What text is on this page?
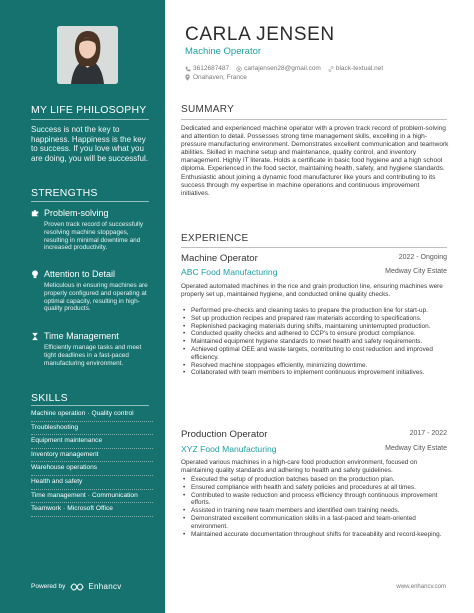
MY LIFE PHILOSOPHY
Success is not the key to happiness. Happiness is the key to success. If you love what you are doing, you will be successful.
STRENGTHS
Problem-solving
Proven track record of successfully resolving machine stoppages, resulting in minimal downtime and increased productivity.
Attention to Detail
Meticulous in ensuring machines are properly configured and operating at optimal capacity, resulting in high-quality products.
Time Management
Efficiently manage tasks and meet tight deadlines in a fast-paced manufacturing environment.
SKILLS
Machine operation · Quality control
Troubleshooting
Equipment maintenance
Inventory management
Warehouse operations
Health and safety
Time management · Communication
Teamwork · Microsoft Office
Powered by	Enhancv
CARLA JENSEN
Machine Operator
3612687487 carlajensen28@gmail.com black-textual.net
Onahaven, France
SUMMARY
Dedicated and experienced machine operator with a proven track record of problem-solving and attention to detail. Possesses strong time management skills, excelling in a high-pressure manufacturing environment. Demonstrates excellent communication and teamwork abilities. Skilled in machine setup and maintenance, quality control, and inventory management. Highly IT literate. Holds a certificate in basic food hygiene and a high school diploma. Experienced in the food sector, maintaining health, safety, and hygiene standards. Enthusiastic about joining a dynamic food manufacturer like yours and contributing to its success through my expertise in machine operations and continuous improvement initiatives.
EXPERIENCE
Machine Operator	2022 - Ongoing
ABC Food Manufacturing	Medway City Estate
Operated automated machines in the rice and grain production line, ensuring machines were properly set up, maintained hygiene, and conducted online quality checks.
• Performed pre-checks and cleaning tasks to prepare the production line for start-up.
• Set up production recipes and prepared raw materials according to specifications.
• Replenished packaging materials during shifts, maintaining uninterrupted production.
• Conducted quality checks and adhered to CCP's to ensure product compliance.
• Maintained equipment hygiene standards to meet health and safety requirements.
• Achieved optimal OEE and waste targets, contributing to cost reduction and improved efficiency.
• Resolved machine stoppages efficiently, minimizing downtime.
• Collaborated with team members to implement continuous improvement initiatives.
Production Operator	2017 - 2022
XYZ Food Manufacturing	Medway City Estate
Operated various machines in a high-care food production environment, focused on maintaining quality standards and adhering to health and safety guidelines.
• Executed the setup of production batches based on the production plan.
• Ensured compliance with health and safety policies and procedures at all times.
• Contributed to waste reduction and process efficiency through continuous improvement efforts.
• Assisted in training new team members and identified own training needs.
• Demonstrated excellent communication skills in a fast-paced and team-oriented environment.
• Maintained accurate documentation throughout shifts for traceability and record-keeping.
www.enhancv.com
